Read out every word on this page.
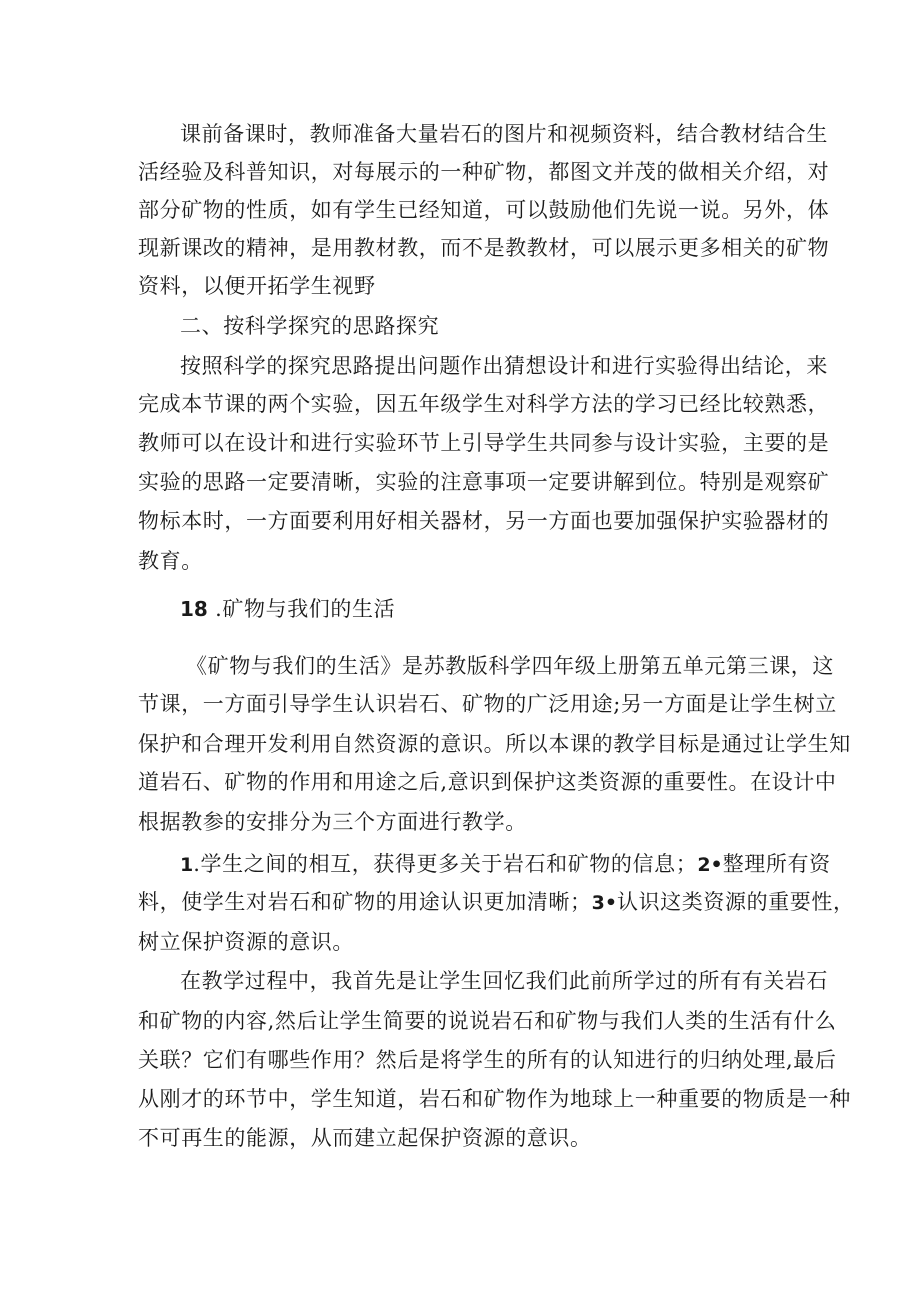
课前备课时，教师准备大量岩石的图片和视频资料，结合教材结合生
活经验及科普知识，对每展示的一种矿物，都图文并茂的做相关介绍，对
部分矿物的性质，如有学生已经知道，可以鼓励他们先说一说。另外，体
现新课改的精神，是用教材教，而不是教教材，可以展示更多相关的矿物
资料，以便开拓学生视野
二、按科学探究的思路探究
按照科学的探究思路提出问题作出猜想设计和进行实验得出结论，来
完成本节课的两个实验，因五年级学生对科学方法的学习已经比较熟悉，
教师可以在设计和进行实验环节上引导学生共同参与设计实验，主要的是
实验的思路一定要清晰，实验的注意事项一定要讲解到位。特别是观察矿
物标本时，一方面要利用好相关器材，另一方面也要加强保护实验器材的
教育。
18 .矿物与我们的生活
《矿物与我们的生活》是苏教版科学四年级上册第五单元第三课，这
节课，一方面引导学生认识岩石、矿物的广泛用途;另一方面是让学生树立
保护和合理开发利用自然资源的意识。所以本课的教学目标是通过让学生知
道岩石、矿物的作用和用途之后,意识到保护这类资源的重要性。在设计中
根据教参的安排分为三个方面进行教学。
1.学生之间的相互，获得更多关于岩石和矿物的信息；2•整理所有资
料，使学生对岩石和矿物的用途认识更加清晰；3•认识这类资源的重要性，
树立保护资源的意识。
在教学过程中，我首先是让学生回忆我们此前所学过的所有有关岩石
和矿物的内容,然后让学生简要的说说岩石和矿物与我们人类的生活有什么
关联？它们有哪些作用？然后是将学生的所有的认知进行的归纳处理,最后
从刚才的环节中，学生知道，岩石和矿物作为地球上一种重要的物质是一种
不可再生的能源，从而建立起保护资源的意识。
